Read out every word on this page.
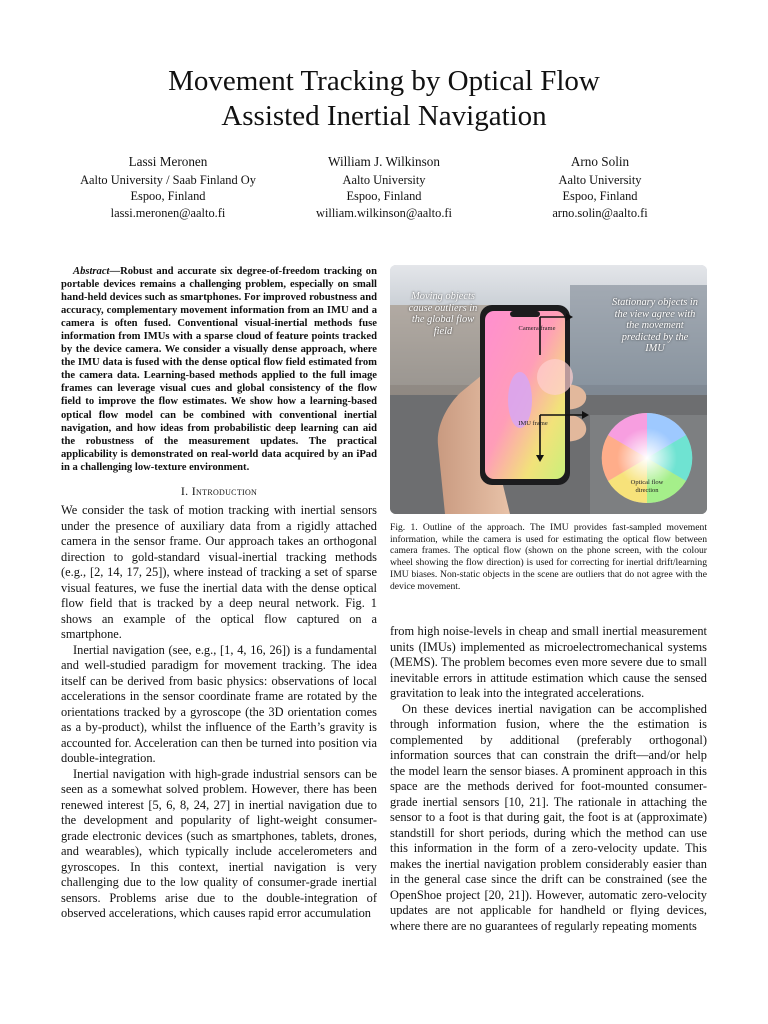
Movement Tracking by Optical Flow
Assisted Inertial Navigation
Lassi Meronen
Aalto University / Saab Finland Oy
Espoo, Finland
lassi.meronen@aalto.fi
William J. Wilkinson
Aalto University
Espoo, Finland
william.wilkinson@aalto.fi
Arno Solin
Aalto University
Espoo, Finland
arno.solin@aalto.fi

Abstract—Robust and accurate six degree-of-freedom tracking on portable devices remains a challenging problem, especially on small hand-held devices such as smartphones. For improved robustness and accuracy, complementary movement information from an IMU and a camera is often fused. Conventional visual-inertial methods fuse information from IMUs with a sparse cloud of feature points tracked by the device camera. We consider a visually dense approach, where the IMU data is fused with the dense optical flow field estimated from the camera data. Learning-based methods applied to the full image frames can leverage visual cues and global consistency of the flow field to improve the flow estimates. We show how a learning-based optical flow model can be combined with conventional inertial navigation, and how ideas from probabilistic deep learning can aid the robustness of the measurement updates. The practical applicability is demonstrated on real-world data acquired by an iPad in a challenging low-texture environment.

I. Introduction

We consider the task of motion tracking with inertial sensors under the presence of auxiliary data from a rigidly attached camera in the sensor frame. Our approach takes an orthogonal direction to gold-standard visual-inertial tracking methods (e.g., [2, 14, 17, 25]), where instead of tracking a set of sparse visual features, we fuse the inertial data with the dense optical flow field that is tracked by a deep neural network. Fig. 1 shows an example of the optical flow captured on a smartphone.

Inertial navigation (see, e.g., [1, 4, 16, 26]) is a fundamental and well-studied paradigm for movement tracking. The idea itself can be derived from basic physics: observations of local accelerations in the sensor coordinate frame are rotated by the orientations tracked by a gyroscope (the 3D orientation comes as a by-product), whilst the influence of the Earth’s gravity is accounted for. Acceleration can then be turned into position via double-integration.

Inertial navigation with high-grade industrial sensors can be seen as a somewhat solved problem. However, there has been renewed interest [5, 6, 8, 24, 27] in inertial navigation due to the development and popularity of light-weight consumer-grade electronic devices (such as smartphones, tablets, drones, and wearables), which typically include accelerometers and gyroscopes. In this context, inertial navigation is very challenging due to the low quality of consumer-grade inertial sensors. Problems arise due to the double-integration of observed accelerations, which causes rapid error accumulation

Moving objects cause outliers in the global flow field
Stationary objects in the view agree with the movement predicted by the IMU
Camera frame
IMU frame
Optical flow direction
Fig. 1. Outline of the approach. The IMU provides fast-sampled movement information, while the camera is used for estimating the optical flow between camera frames. The optical flow (shown on the phone screen, with the colour wheel showing the flow direction) is used for correcting for inertial drift/learning IMU biases. Non-static objects in the scene are outliers that do not agree with the device movement.

from high noise-levels in cheap and small inertial measurement units (IMUs) implemented as microelectromechanical systems (MEMS). The problem becomes even more severe due to small inevitable errors in attitude estimation which cause the sensed gravitation to leak into the integrated accelerations.

On these devices inertial navigation can be accomplished through information fusion, where the the estimation is complemented by additional (preferably orthogonal) information sources that can constrain the drift—and/or help the model learn the sensor biases. A prominent approach in this space are the methods derived for foot-mounted consumer-grade inertial sensors [10, 21]. The rationale in attaching the sensor to a foot is that during gait, the foot is at (approximate) standstill for short periods, during which the method can use this information in the form of a zero-velocity update. This makes the inertial navigation problem considerably easier than in the general case since the drift can be constrained (see the OpenShoe project [20, 21]). However, automatic zero-velocity updates are not applicable for handheld or flying devices, where there are no guarantees of regularly repeating moments
